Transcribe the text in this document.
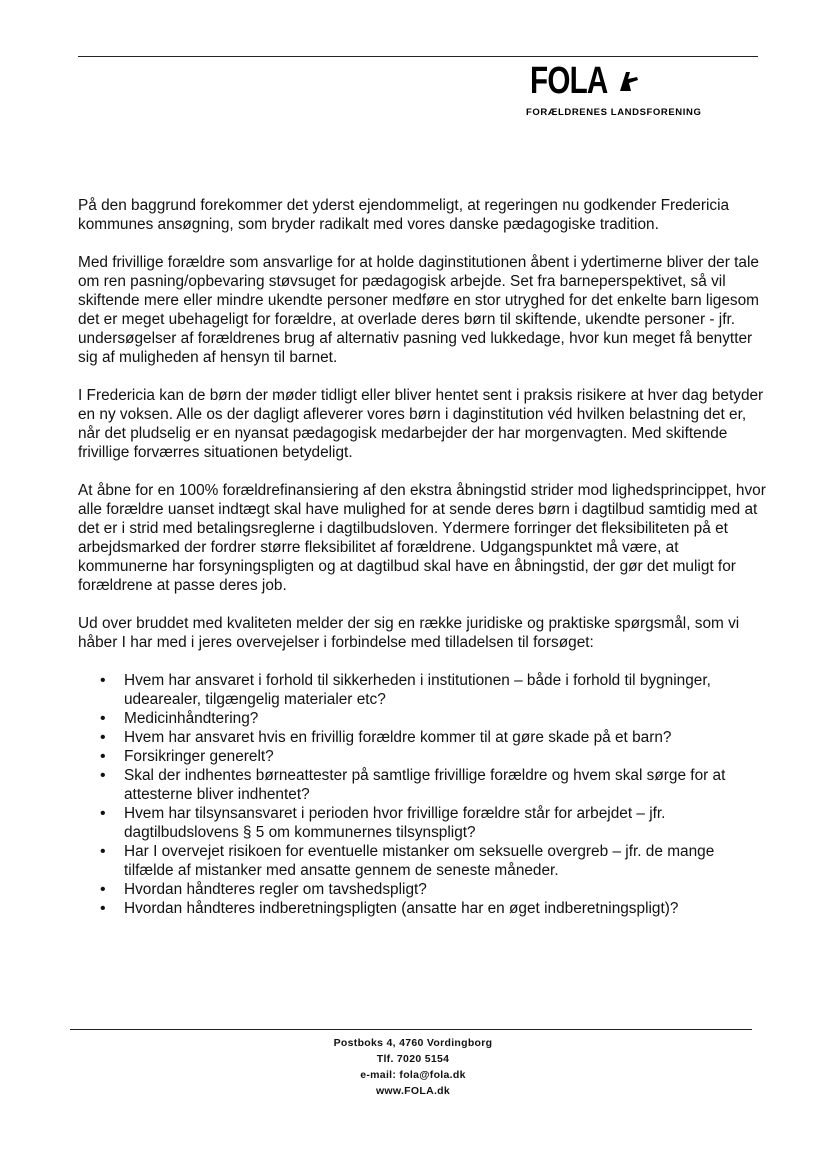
FOLA
FORÆLDRENES LANDSFORENING

På den baggrund forekommer det yderst ejendommeligt, at regeringen nu godkender Fredericia kommunes ansøgning, som bryder radikalt med vores danske pædagogiske tradition.

Med frivillige forældre som ansvarlige for at holde daginstitutionen åbent i ydertimerne bliver der tale om ren pasning/opbevaring støvsuget for pædagogisk arbejde. Set fra barneperspektivet, så vil skiftende mere eller mindre ukendte personer medføre en stor utryghed for det enkelte barn ligesom det er meget ubehageligt for forældre, at overlade deres børn til skiftende, ukendte personer - jfr. undersøgelser af forældrenes brug af alternativ pasning ved lukkedage, hvor kun meget få benytter sig af muligheden af hensyn til barnet.

I Fredericia kan de børn der møder tidligt eller bliver hentet sent i praksis risikere at hver dag betyder en ny voksen. Alle os der dagligt afleverer vores børn i daginstitution véd hvilken belastning det er, når det pludselig er en nyansat pædagogisk medarbejder der har morgenvagten. Med skiftende frivillige forværres situationen betydeligt.

At åbne for en 100% forældrefinansiering af den ekstra åbningstid strider mod lighedsprincippet, hvor alle forældre uanset indtægt skal have mulighed for at sende deres børn i dagtilbud samtidig med at det er i strid med betalingsreglerne i dagtilbudsloven. Ydermere forringer det fleksibiliteten på et arbejdsmarked der fordrer større fleksibilitet af forældrene. Udgangspunktet må være, at kommunerne har forsyningspligten og at dagtilbud skal have en åbningstid, der gør det muligt for forældrene at passe deres job.

Ud over bruddet med kvaliteten melder der sig en række juridiske og praktiske spørgsmål, som vi håber I har med i jeres overvejelser i forbindelse med tilladelsen til forsøget:

• Hvem har ansvaret i forhold til sikkerheden i institutionen – både i forhold til bygninger, udearealer, tilgængelig materialer etc?
• Medicinhåndtering?
• Hvem har ansvaret hvis en frivillig forældre kommer til at gøre skade på et barn?
• Forsikringer generelt?
• Skal der indhentes børneattester på samtlige frivillige forældre og hvem skal sørge for at attesterne bliver indhentet?
• Hvem har tilsynsansvaret i perioden hvor frivillige forældre står for arbejdet – jfr. dagtilbudslovens § 5 om kommunernes tilsynspligt?
• Har I overvejet risikoen for eventuelle mistanker om seksuelle overgreb – jfr. de mange tilfælde af mistanker med ansatte gennem de seneste måneder.
• Hvordan håndteres regler om tavshedspligt?
• Hvordan håndteres indberetningspligten (ansatte har en øget indberetningspligt)?
Postboks 4, 4760 Vordingborg
Tlf. 7020 5154
e-mail: fola@fola.dk
www.FOLA.dk
